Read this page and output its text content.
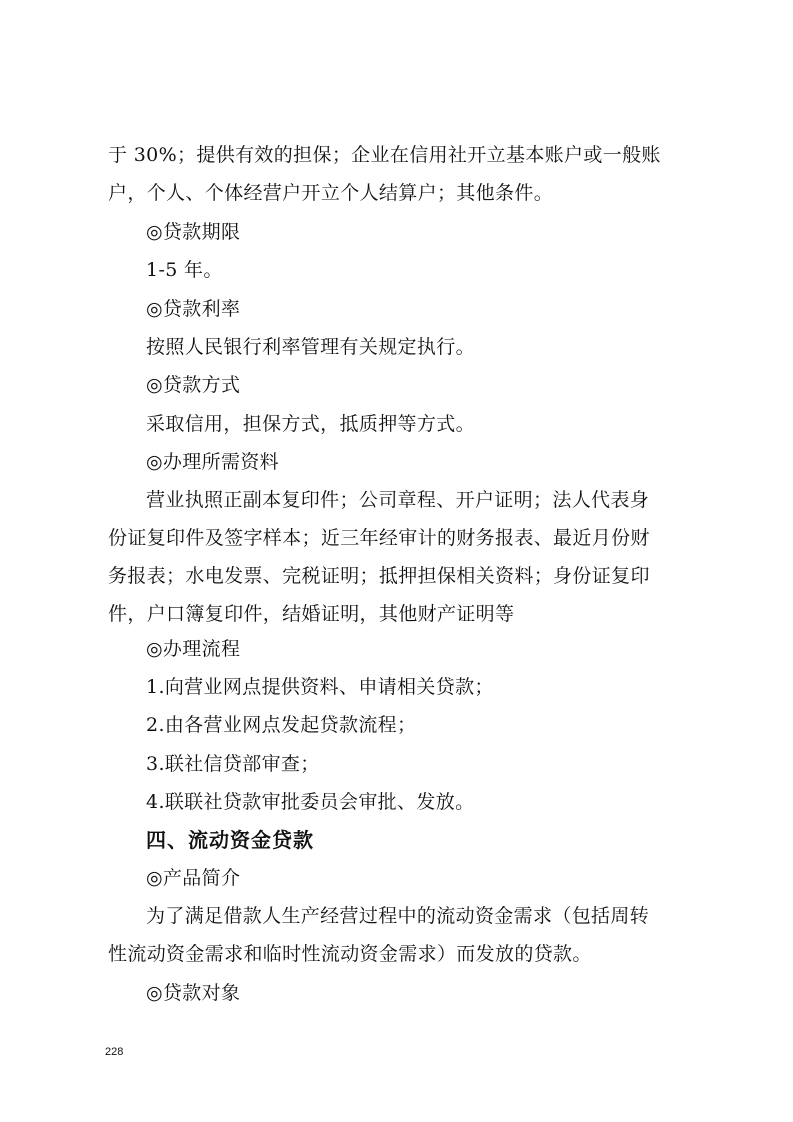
于 30%；提供有效的担保；企业在信用社开立基本账户或一般账
户，个人、个体经营户开立个人结算户；其他条件。
◎贷款期限
1-5 年。
◎贷款利率
按照人民银行利率管理有关规定执行。
◎贷款方式
采取信用，担保方式，抵质押等方式。
◎办理所需资料
营业执照正副本复印件；公司章程、开户证明；法人代表身
份证复印件及签字样本；近三年经审计的财务报表、最近月份财
务报表；水电发票、完税证明；抵押担保相关资料；身份证复印
件，户口簿复印件，结婚证明，其他财产证明等
◎办理流程
1.向营业网点提供资料、申请相关贷款；
2.由各营业网点发起贷款流程；
3.联社信贷部审查；
4.联联社贷款审批委员会审批、发放。
四、流动资金贷款
◎产品简介
为了满足借款人生产经营过程中的流动资金需求（包括周转
性流动资金需求和临时性流动资金需求）而发放的贷款。
◎贷款对象
228
